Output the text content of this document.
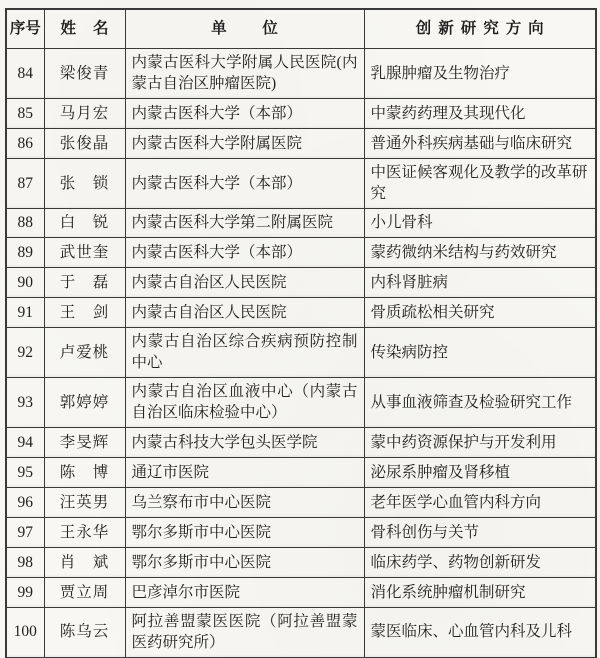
序号	姓名	单位	创新研究方向
84	梁俊青	内蒙古医科大学附属人民医院(内蒙古自治区肿瘤医院)	乳腺肿瘤及生物治疗
85	马月宏	内蒙古医科大学（本部）	中蒙药药理及其现代化
86	张俊晶	内蒙古医科大学附属医院	普通外科疾病基础与临床研究
87	张　锁	内蒙古医科大学（本部）	中医证候客观化及教学的改革研究
88	白　锐	内蒙古医科大学第二附属医院	小儿骨科
89	武世奎	内蒙古医科大学（本部）	蒙药微纳米结构与药效研究
90	于　磊	内蒙古自治区人民医院	内科肾脏病
91	王　剑	内蒙古自治区人民医院	骨质疏松相关研究
92	卢爱桃	内蒙古自治区综合疾病预防控制中心	传染病防控
93	郭婷婷	内蒙古自治区血液中心（内蒙古自治区临床检验中心）	从事血液筛查及检验研究工作
94	李旻辉	内蒙古科技大学包头医学院	蒙中药资源保护与开发利用
95	陈　博	通辽市医院	泌尿系肿瘤及肾移植
96	汪英男	乌兰察布市中心医院	老年医学心血管内科方向
97	王永华	鄂尔多斯市中心医院	骨科创伤与关节
98	肖　斌	鄂尔多斯市中心医院	临床药学、药物创新研发
99	贾立周	巴彦淖尔市医院	消化系统肿瘤机制研究
100	陈乌云	阿拉善盟蒙医医院（阿拉善盟蒙医药研究所）	蒙医临床、心血管内科及儿科
